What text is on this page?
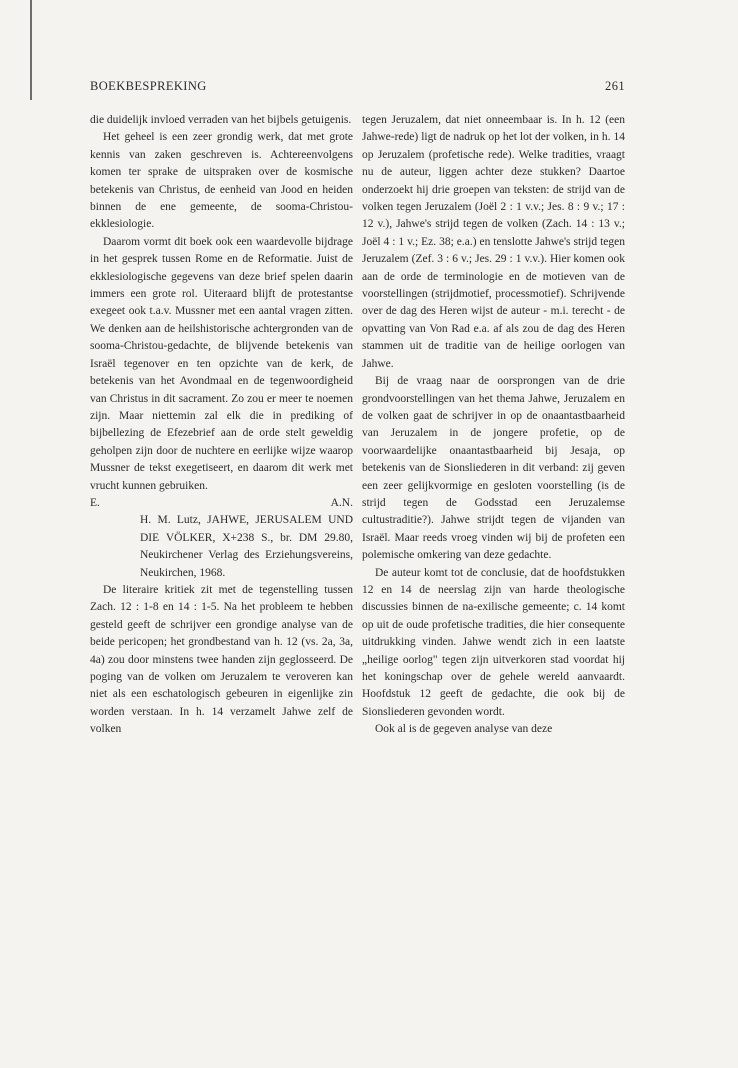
BOEKBESPREKING	261

die duidelijk invloed verraden van het bijbels getuigenis.

Het geheel is een zeer grondig werk, dat met grote kennis van zaken geschreven is. Achtereenvolgens komen ter sprake de uitspraken over de kosmische betekenis van Christus, de eenheid van Jood en heiden binnen de ene gemeente, de sooma-Christou-ekklesiologie.

Daarom vormt dit boek ook een waardevolle bijdrage in het gesprek tussen Rome en de Reformatie. Juist de ekklesiologische gegevens van deze brief spelen daarin immers een grote rol. Uiteraard blijft de protestantse exegeet ook t.a.v. Mussner met een aantal vragen zitten. We denken aan de heilshistorische achtergronden van de sooma-Christou-gedachte, de blijvende betekenis van Israël tegenover en ten opzichte van de kerk, de betekenis van het Avondmaal en de tegenwoordigheid van Christus in dit sacrament. Zo zou er meer te noemen zijn. Maar niettemin zal elk die in prediking of bijbellezing de Efezebrief aan de orde stelt geweldig geholpen zijn door de nuchtere en eerlijke wijze waarop Mussner de tekst exegetiseert, en daarom dit werk met vrucht kunnen gebruiken.

E.	A.N.

H. M. Lutz, JAHWE, JERUSALEM UND DIE VÖLKER, X+238 S., br. DM 29.80, Neukirchener Verlag des Erziehungsvereins, Neukirchen, 1968.

De literaire kritiek zit met de tegenstelling tussen Zach. 12 : 1-8 en 14 : 1-5. Na het probleem te hebben gesteld geeft de schrijver een grondige analyse van de beide pericopen; het grondbestand van h. 12 (vs. 2a, 3a, 4a) zou door minstens twee handen zijn geglosseerd. De poging van de volken om Jeruzalem te veroveren kan niet als een eschatologisch gebeuren in eigenlijke zin worden verstaan. In h. 14 verzamelt Jahwe zelf de volken

tegen Jeruzalem, dat niet onneembaar is. In h. 12 (een Jahwe-rede) ligt de nadruk op het lot der volken, in h. 14 op Jeruzalem (profetische rede). Welke tradities, vraagt nu de auteur, liggen achter deze stukken? Daartoe onderzoekt hij drie groepen van teksten: de strijd van de volken tegen Jeruzalem (Joël 2 : 1 v.v.; Jes. 8 : 9 v.; 17 : 12 v.), Jahwe's strijd tegen de volken (Zach. 14 : 13 v.; Joël 4 : 1 v.; Ez. 38; e.a.) en tenslotte Jahwe's strijd tegen Jeruzalem (Zef. 3 : 6 v.; Jes. 29 : 1 v.v.). Hier komen ook aan de orde de terminologie en de motieven van de voorstellingen (strijdmotief, processmotief). Schrijvende over de dag des Heren wijst de auteur - m.i. terecht - de opvatting van Von Rad e.a. af als zou de dag des Heren stammen uit de traditie van de heilige oorlogen van Jahwe.

Bij de vraag naar de oorsprongen van de drie grondvoorstellingen van het thema Jahwe, Jeruzalem en de volken gaat de schrijver in op de onaantastbaarheid van Jeruzalem in de jongere profetie, op de voorwaardelijke onaantastbaarheid bij Jesaja, op betekenis van de Sionsliederen in dit verband: zij geven een zeer gelijkvormige en gesloten voorstelling (is de strijd tegen de Godsstad een Jeruzalemse cultustraditie?). Jahwe strijdt tegen de vijanden van Israël. Maar reeds vroeg vinden wij bij de profeten een polemische omkering van deze gedachte.

De auteur komt tot de conclusie, dat de hoofdstukken 12 en 14 de neerslag zijn van harde theologische discussies binnen de na-exilische gemeente; c. 14 komt op uit de oude profetische tradities, die hier consequente uitdrukking vinden. Jahwe wendt zich in een laatste „heilige oorlog" tegen zijn uitverkoren stad voordat hij het koningschap over de gehele wereld aanvaardt. Hoofdstuk 12 geeft de gedachte, die ook bij de Sionsliederen gevonden wordt.

Ook al is de gegeven analyse van deze
